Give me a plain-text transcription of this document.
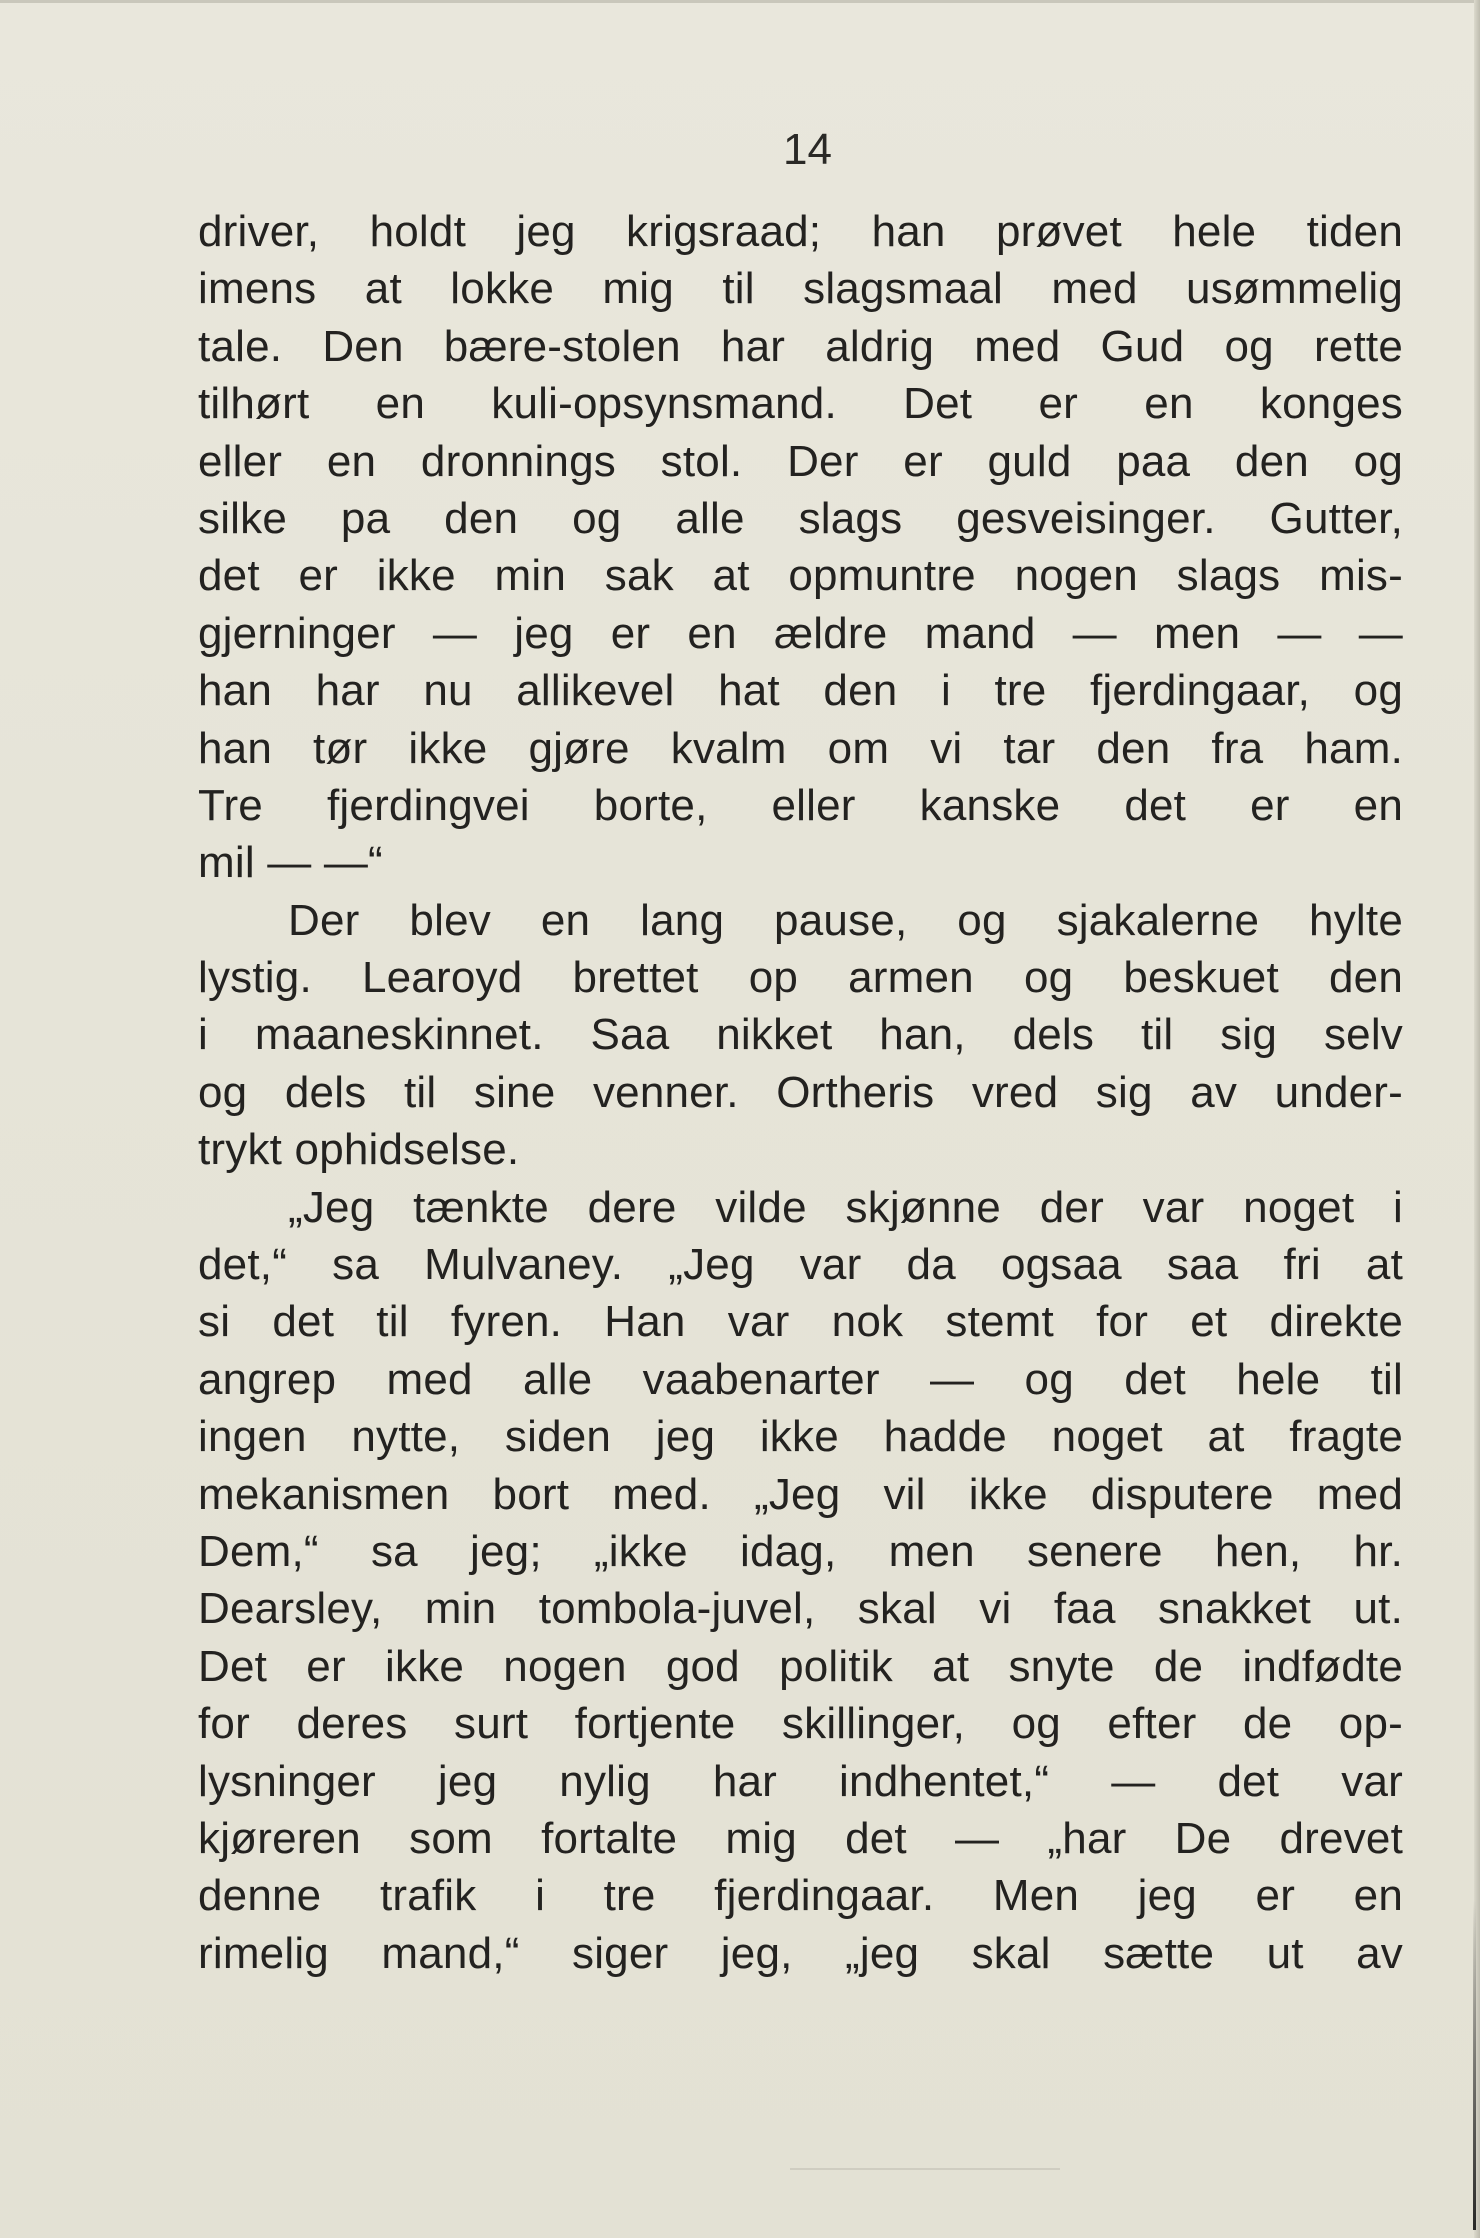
14
driver, holdt jeg krigsraad; han prøvet hele tiden
imens at lokke mig til slagsmaal med usømmelig
tale. Den bære-stolen har aldrig med Gud og rette
tilhørt en kuli-opsynsmand. Det er en konges
eller en dronnings stol. Der er guld paa den og
silke pa den og alle slags gesveisinger. Gutter,
det er ikke min sak at opmuntre nogen slags mis-
gjerninger — jeg er en ældre mand — men — —
han har nu allikevel hat den i tre fjerdingaar, og
han tør ikke gjøre kvalm om vi tar den fra ham.
Tre fjerdingvei borte, eller kanske det er en
mil — —“
Der blev en lang pause, og sjakalerne hylte
lystig. Learoyd brettet op armen og beskuet den
i maaneskinnet. Saa nikket han, dels til sig selv
og dels til sine venner. Ortheris vred sig av under-
trykt ophidselse.
„Jeg tænkte dere vilde skjønne der var noget i
det,“ sa Mulvaney. „Jeg var da ogsaa saa fri at
si det til fyren. Han var nok stemt for et direkte
angrep med alle vaabenarter — og det hele til
ingen nytte, siden jeg ikke hadde noget at fragte
mekanismen bort med. „Jeg vil ikke disputere med
Dem,“ sa jeg; „ikke idag, men senere hen, hr.
Dearsley, min tombola-juvel, skal vi faa snakket ut.
Det er ikke nogen god politik at snyte de indfødte
for deres surt fortjente skillinger, og efter de op-
lysninger jeg nylig har indhentet,“ — det var
kjøreren som fortalte mig det — „har De drevet
denne trafik i tre fjerdingaar. Men jeg er en
rimelig mand,“ siger jeg, „jeg skal sætte ut av
